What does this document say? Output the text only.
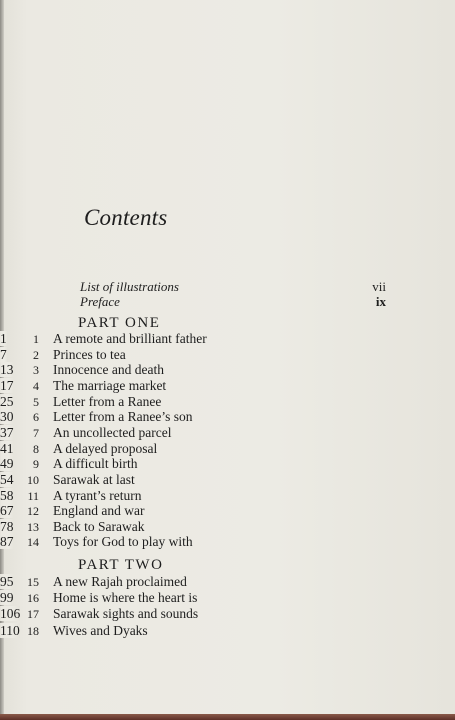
Contents
List of illustrations	vii
Preface	ix
PART ONE
1 A remote and brilliant father
1
2 Princes to tea
7
3 Innocence and death
13
4 The marriage market
17
5 Letter from a Ranee
25
6 Letter from a Ranee’s son
30
7 An uncollected parcel
37
8 A delayed proposal
41
9 A difficult birth
49
10 Sarawak at last
54
11 A tyrant’s return
58
12 England and war
67
13 Back to Sarawak
78
14 Toys for God to play with
87
PART TWO
15 A new Rajah proclaimed
95
16 Home is where the heart is
99
17 Sarawak sights and sounds
106
18 Wives and Dyaks
110
